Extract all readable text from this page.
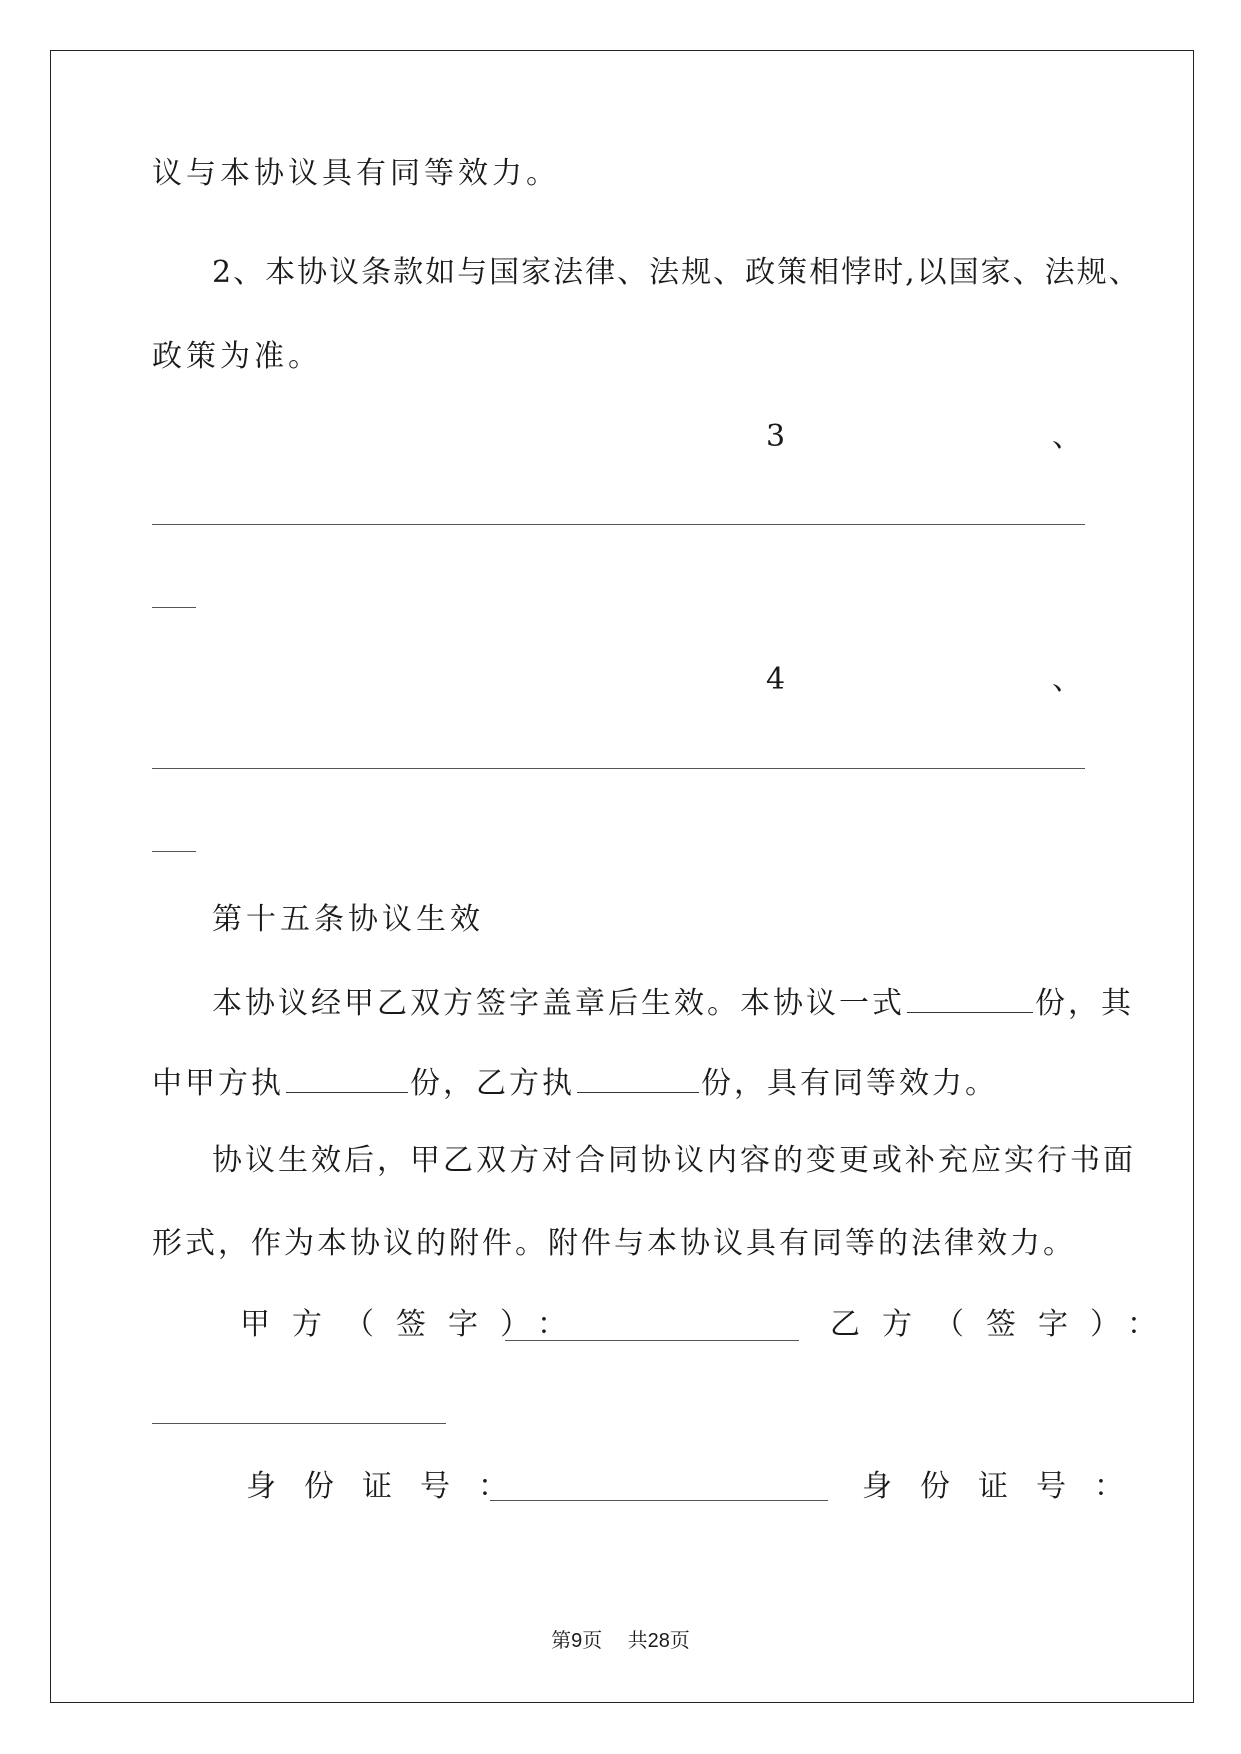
议与本协议具有同等效力。
2、本协议条款如与国家法律、法规、政策相悖时,以国家、法规、
政策为准。
3	、
4	、
第十五条协议生效
本协议经甲乙双方签字盖章后生效。本协议一式	份，其
中甲方执	份，乙方执	份，具有同等效力。
协议生效后，甲乙双方对合同协议内容的变更或补充应实行书面
形式，作为本协议的附件。附件与本协议具有同等的法律效力。
甲方（签字）：	乙方（签字）：
身份证号：	身份证号：
第9页 共28页
